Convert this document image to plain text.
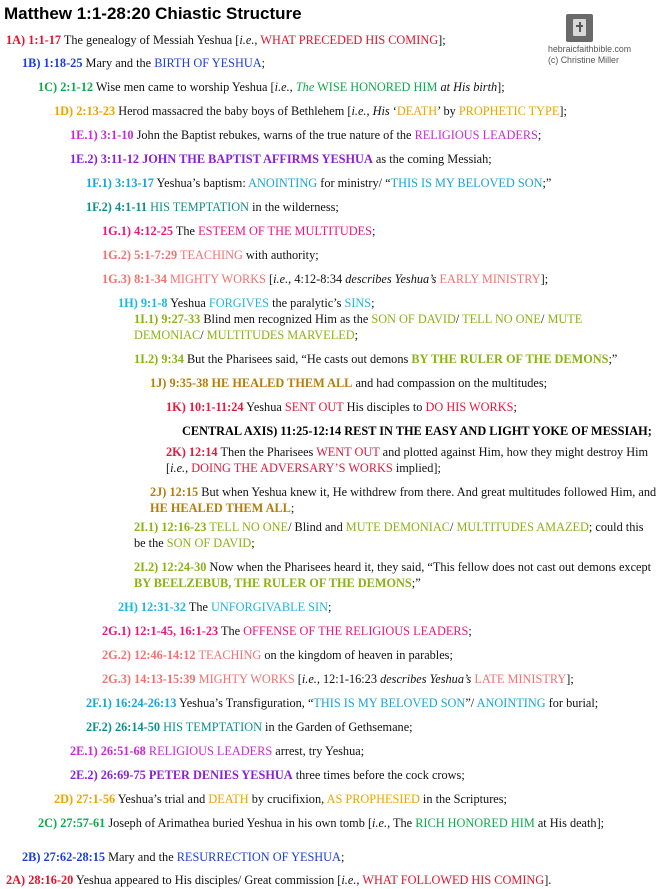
Matthew 1:1-28:20 Chiastic Structure
hebraicfaithbible.com
(c) Christine Miller
1A) 1:1-17 The genealogy of Messiah Yeshua [i.e., WHAT PRECEDED HIS COMING];
1B) 1:18-25 Mary and the BIRTH OF YESHUA;
1C) 2:1-12 Wise men came to worship Yeshua [i.e., The WISE HONORED HIM at His birth];
1D) 2:13-23 Herod massacred the baby boys of Bethlehem [i.e., His ‘DEATH’ by PROPHETIC TYPE];
1E.1) 3:1-10 John the Baptist rebukes, warns of the true nature of the RELIGIOUS LEADERS;
1E.2) 3:11-12 JOHN THE BAPTIST AFFIRMS YESHUA as the coming Messiah;
1F.1) 3:13-17 Yeshua’s baptism: ANOINTING for ministry/ “THIS IS MY BELOVED SON;”
1F.2) 4:1-11 HIS TEMPTATION in the wilderness;
1G.1) 4:12-25 The ESTEEM OF THE MULTITUDES;
1G.2) 5:1-7:29 TEACHING with authority;
1G.3) 8:1-34 MIGHTY WORKS [i.e., 4:12-8:34 describes Yeshua’s EARLY MINISTRY];
1H) 9:1-8 Yeshua FORGIVES the paralytic’s SINS;
1I.1) 9:27-33 Blind men recognized Him as the SON OF DAVID/ TELL NO ONE/ MUTE DEMONIAC/ MULTITUDES MARVELED;
1I.2) 9:34 But the Pharisees said, “He casts out demons BY THE RULER OF THE DEMONS;”
1J) 9:35-38 HE HEALED THEM ALL and had compassion on the multitudes;
1K) 10:1-11:24 Yeshua SENT OUT His disciples to DO HIS WORKS;
CENTRAL AXIS) 11:25-12:14 REST IN THE EASY AND LIGHT YOKE OF MESSIAH;
2K) 12:14 Then the Pharisees WENT OUT and plotted against Him, how they might destroy Him [i.e., DOING THE ADVERSARY’S WORKS implied];
2J) 12:15 But when Yeshua knew it, He withdrew from there. And great multitudes followed Him, and HE HEALED THEM ALL;
2I.1) 12:16-23 TELL NO ONE/ Blind and MUTE DEMONIAC/ MULTITUDES AMAZED; could this be the SON OF DAVID;
2I.2) 12:24-30 Now when the Pharisees heard it, they said, “This fellow does not cast out demons except BY BEELZEBUB, THE RULER OF THE DEMONS;”
2H) 12:31-32 The UNFORGIVABLE SIN;
2G.1) 12:1-45, 16:1-23 The OFFENSE OF THE RELIGIOUS LEADERS;
2G.2) 12:46-14:12 TEACHING on the kingdom of heaven in parables;
2G.3) 14:13-15:39 MIGHTY WORKS [i.e., 12:1-16:23 describes Yeshua’s LATE MINISTRY];
2F.1) 16:24-26:13 Yeshua’s Transfiguration, “THIS IS MY BELOVED SON”/ ANOINTING for burial;
2F.2) 26:14-50 HIS TEMPTATION in the Garden of Gethsemane;
2E.1) 26:51-68 RELIGIOUS LEADERS arrest, try Yeshua;
2E.2) 26:69-75 PETER DENIES YESHUA three times before the cock crows;
2D) 27:1-56 Yeshua’s trial and DEATH by crucifixion, AS PROPHESIED in the Scriptures;
2C) 27:57-61 Joseph of Arimathea buried Yeshua in his own tomb [i.e., The RICH HONORED HIM at His death];
2B) 27:62-28:15 Mary and the RESURRECTION OF YESHUA;
2A) 28:16-20 Yeshua appeared to His disciples/ Great commission [i.e., WHAT FOLLOWED HIS COMING].
